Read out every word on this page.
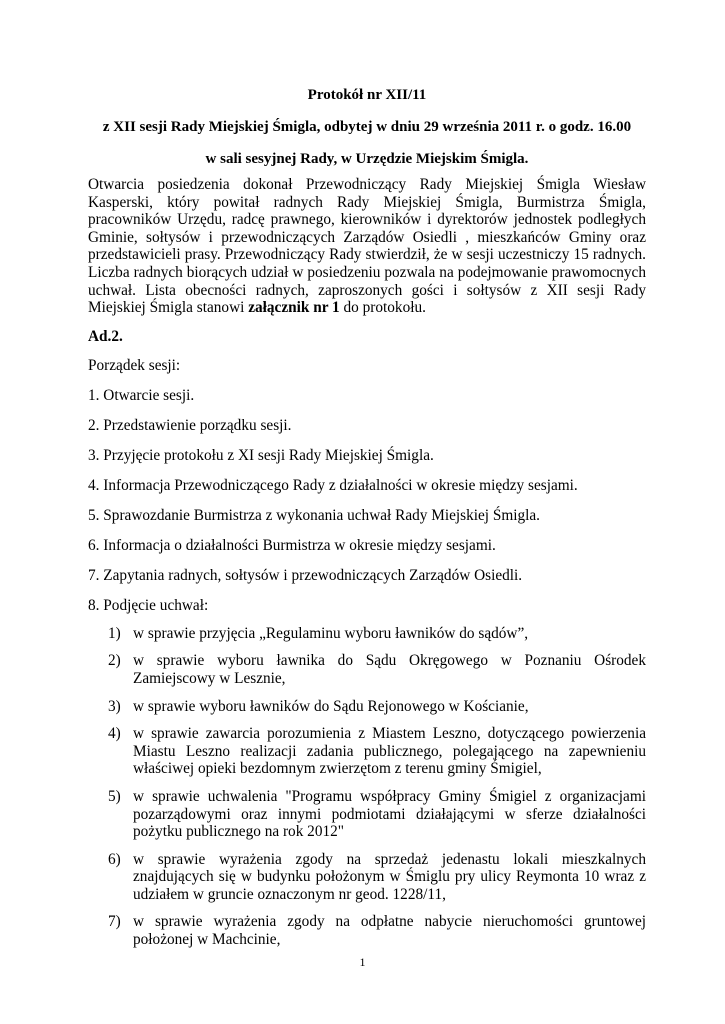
Protokół nr XII/11

z XII sesji Rady Miejskiej Śmigla, odbytej w dniu 29 września 2011 r. o godz. 16.00

w sali sesyjnej Rady, w Urzędzie Miejskim Śmigla.

Otwarcia posiedzenia dokonał Przewodniczący Rady Miejskiej Śmigla Wiesław Kasperski, który powitał radnych Rady Miejskiej Śmigla, Burmistrza Śmigla, pracowników Urzędu, radcę prawnego, kierowników i dyrektorów jednostek podległych Gminie, sołtysów i przewodniczących Zarządów Osiedli , mieszkańców Gminy oraz przedstawicieli prasy. Przewodniczący Rady stwierdził, że w sesji uczestniczy 15 radnych. Liczba radnych biorących udział w posiedzeniu pozwala na podejmowanie prawomocnych uchwał. Lista obecności radnych, zaproszonych gości i sołtysów z XII sesji Rady Miejskiej Śmigla stanowi załącznik nr 1 do protokołu.

Ad.2.

Porządek sesji:

1. Otwarcie sesji.

2. Przedstawienie porządku sesji.

3. Przyjęcie protokołu z XI sesji Rady Miejskiej Śmigla.

4. Informacja Przewodniczącego Rady z działalności w okresie między sesjami.

5. Sprawozdanie Burmistrza z wykonania uchwał Rady Miejskiej Śmigla.

6. Informacja o działalności Burmistrza w okresie między sesjami.

7. Zapytania radnych, sołtysów i przewodniczących Zarządów Osiedli.

8. Podjęcie uchwał:

1) w sprawie przyjęcia „Regulaminu wyboru ławników do sądów”,
2) w sprawie wyboru ławnika do Sądu Okręgowego w Poznaniu Ośrodek Zamiejscowy w Lesznie,
3) w sprawie wyboru ławników do Sądu Rejonowego w Kościanie,
4) w sprawie zawarcia porozumienia z Miastem Leszno, dotyczącego powierzenia Miastu Leszno realizacji zadania publicznego, polegającego na zapewnieniu właściwej opieki bezdomnym zwierzętom z terenu gminy Śmigiel,
5) w sprawie uchwalenia "Programu współpracy Gminy Śmigiel z organizacjami pozarządowymi oraz innymi podmiotami działającymi w sferze działalności pożytku publicznego na rok 2012"
6) w sprawie wyrażenia zgody na sprzedaż jedenastu lokali mieszkalnych znajdujących się w budynku położonym w Śmiglu pry ulicy Reymonta 10 wraz z udziałem w gruncie oznaczonym nr geod. 1228/11,
7) w sprawie wyrażenia zgody na odpłatne nabycie nieruchomości gruntowej położonej w Machcinie,
1
